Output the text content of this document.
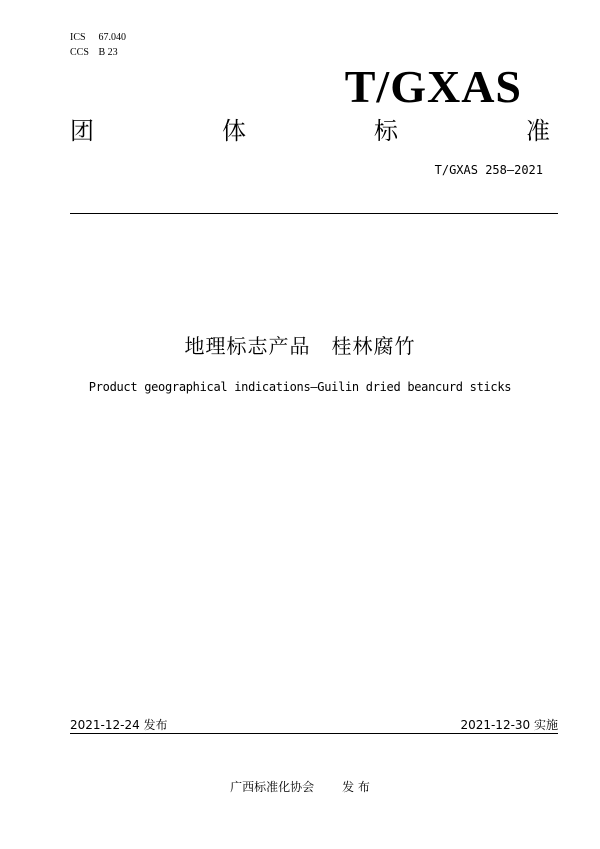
ICS 67.040
CCS B 23
T/GXAS
团	体	标	准
T/GXAS 258—2021
地理标志产品　桂林腐竹
Product geographical indications—Guilin dried beancurd sticks
2021-12-24 发布	2021-12-30 实施
广西标准化协会 发 布
